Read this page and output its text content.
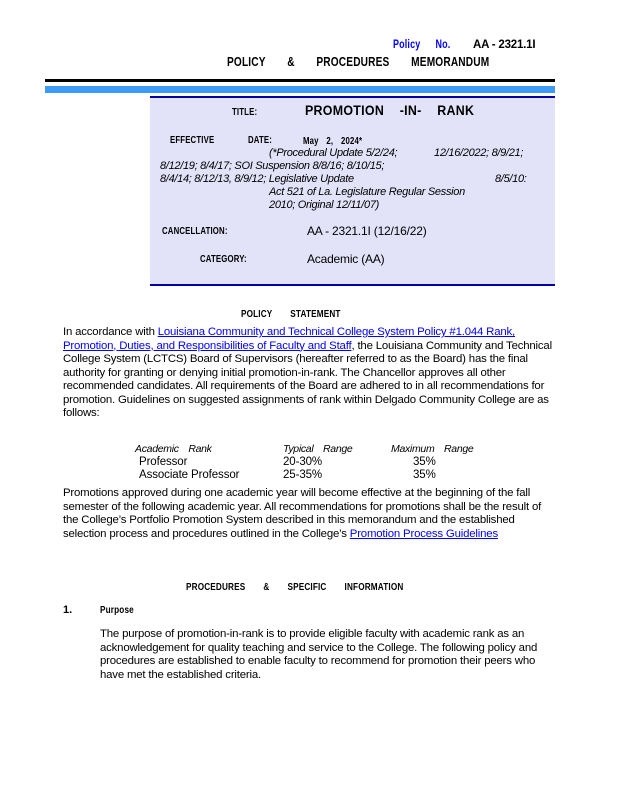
Policy No. AA - 2321.1I
POLICY & PROCEDURES MEMORANDUM
TITLE:	PROMOTION -IN- RANK
EFFECTIVE	DATE:	May 2, 2024*
(*Procedural Update 5/2/24;	12/16/2022; 8/9/21;
8/12/19; 8/4/17; SOI Suspension 8/8/16; 8/10/15;
8/4/14; 8/12/13, 8/9/12; Legislative Update	8/5/10:
Act 521 of La. Legislature Regular Session
2010; Original 12/11/07)
CANCELLATION:	AA - 2321.1I (12/16/22)
CATEGORY:	Academic (AA)
POLICY STATEMENT

In accordance with Louisiana Community and Technical College System Policy #1.044 Rank, Promotion, Duties, and Responsibilities of Faculty and Staff, the Louisiana Community and Technical College System (LCTCS) Board of Supervisors (hereafter referred to as the Board) has the final authority for granting or denying initial promotion-in-rank. The Chancellor approves all other recommended candidates. All requirements of the Board are adhered to in all recommendations for promotion. Guidelines on suggested assignments of rank within Delgado Community College are as follows:

Academic Rank	Typical Range	Maximum Range
Professor	20-30%	35%
Associate Professor	25-35%	35%

Promotions approved during one academic year will become effective at the beginning of the fall semester of the following academic year. All recommendations for promotions shall be the result of the College’s Portfolio Promotion System described in this memorandum and the established selection process and procedures outlined in the College’s Promotion Process Guidelines

PROCEDURES & SPECIFIC INFORMATION
1.	Purpose

The purpose of promotion-in-rank is to provide eligible faculty with academic rank as an acknowledgement for quality teaching and service to the College. The following policy and procedures are established to enable faculty to recommend for promotion their peers who have met the established criteria.
